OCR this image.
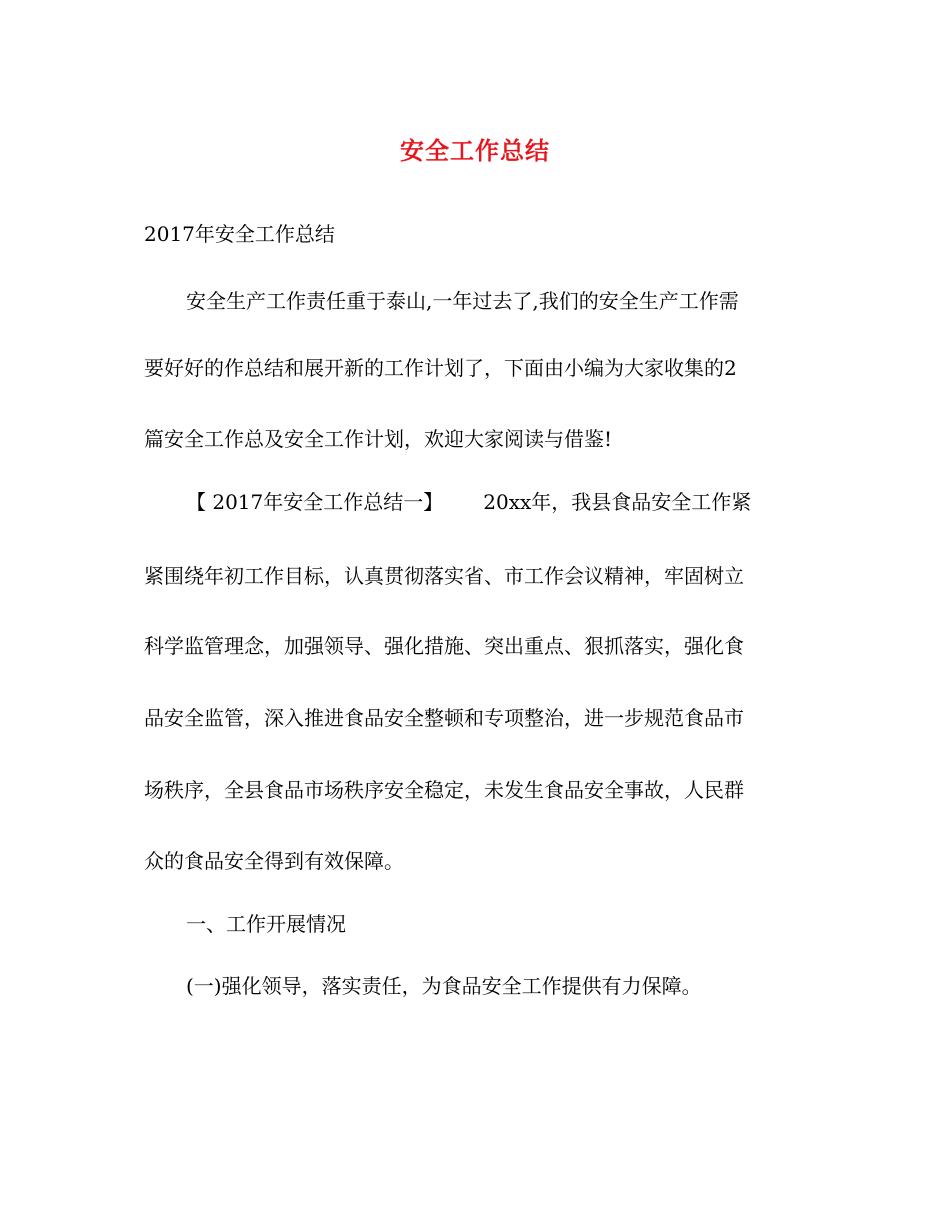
安全工作总结
2017年安全工作总结
安全生产工作责任重于泰山,一年过去了,我们的安全生产工作需
要好好的作总结和展开新的工作计划了，下面由小编为大家收集的2
篇安全工作总及安全工作计划，欢迎大家阅读与借鉴!
【 2017年安全工作总结一】 20xx年，我县食品安全工作紧
紧围绕年初工作目标，认真贯彻落实省、市工作会议精神，牢固树立
科学监管理念，加强领导、强化措施、突出重点、狠抓落实，强化食
品安全监管，深入推进食品安全整顿和专项整治，进一步规范食品市
场秩序，全县食品市场秩序安全稳定，未发生食品安全事故，人民群
众的食品安全得到有效保障。
一、工作开展情况
(一)强化领导，落实责任，为食品安全工作提供有力保障。
